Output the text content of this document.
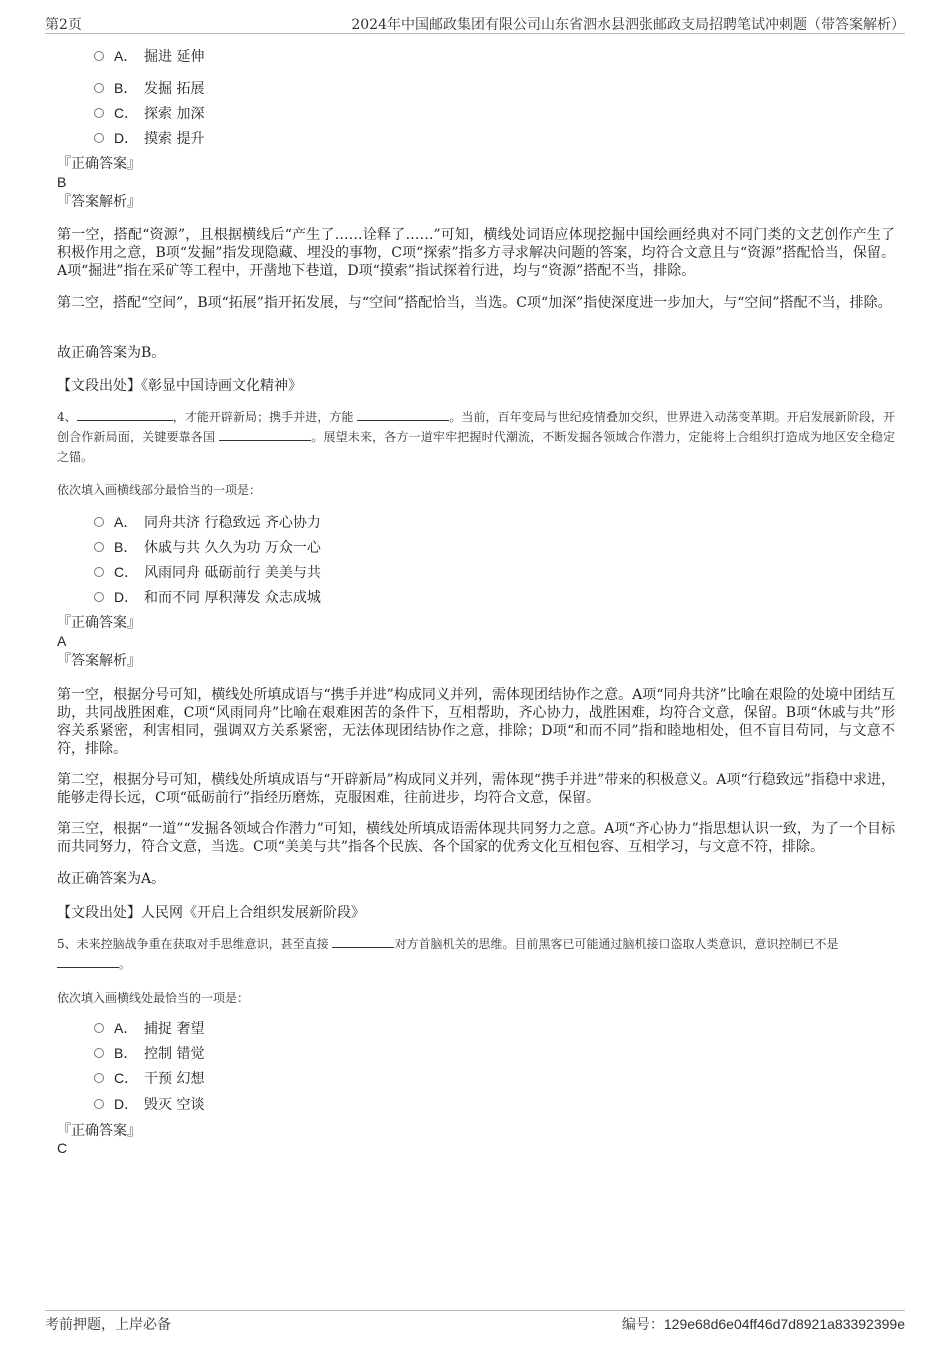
第2页	2024年中国邮政集团有限公司山东省泗水县泗张邮政支局招聘笔试冲刺题（带答案解析）
A． 掘进 延伸
B． 发掘 拓展
C． 探索 加深
D． 摸索 提升
『正确答案』
B
『答案解析』
第一空，搭配“资源”，且根据横线后“产生了……诠释了……”可知，横线处词语应体现挖掘中国绘画经典对不同门类的文艺创作产生了积极作用之意，B项“发掘”指发现隐藏、埋没的事物，C项“探索”指多方寻求解决问题的答案，均符合文意且与“资源”搭配恰当，保留。A项“掘进”指在采矿等工程中，开凿地下巷道，D项“摸索”指试探着行进，均与“资源”搭配不当，排除。
第二空，搭配“空间”，B项“拓展”指开拓发展，与“空间”搭配恰当，当选。C项“加深”指使深度进一步加大，与“空间”搭配不当，排除。
故正确答案为B。
【文段出处】《彰显中国诗画文化精神》
4、	，才能开辟新局；携手并进，方能	。当前，百年变局与世纪疫情叠加交织，世界进入动荡变革期。开启发展新阶段，开创合作新局面，关键要靠各国	。展望未来，各方一道牢牢把握时代潮流，不断发掘各领域合作潜力，定能将上合组织打造成为地区安全稳定之锚。
依次填入画横线部分最恰当的一项是：
A． 同舟共济 行稳致远 齐心协力
B． 休戚与共 久久为功 万众一心
C． 风雨同舟 砥砺前行 美美与共
D． 和而不同 厚积薄发 众志成城
『正确答案』
A
『答案解析』
第一空，根据分号可知，横线处所填成语与“携手并进”构成同义并列，需体现团结协作之意。A项“同舟共济”比喻在艰险的处境中团结互助，共同战胜困难，C项“风雨同舟”比喻在艰难困苦的条件下，互相帮助，齐心协力，战胜困难，均符合文意，保留。B项“休戚与共”形容关系紧密，利害相同，强调双方关系紧密，无法体现团结协作之意，排除；D项“和而不同”指和睦地相处，但不盲目苟同，与文意不符，排除。
第二空，根据分号可知，横线处所填成语与“开辟新局”构成同义并列，需体现“携手并进”带来的积极意义。A项“行稳致远”指稳中求进，能够走得长远，C项“砥砺前行”指经历磨炼，克服困难，往前进步，均符合文意，保留。
第三空，根据“一道”“发掘各领域合作潜力”可知，横线处所填成语需体现共同努力之意。A项“齐心协力”指思想认识一致，为了一个目标而共同努力，符合文意，当选。C项“美美与共”指各个民族、各个国家的优秀文化互相包容、互相学习，与文意不符，排除。
故正确答案为A。
【文段出处】人民网《开启上合组织发展新阶段》
5、未来控脑战争重在获取对手思维意识，甚至直接	对方首脑机关的思维。目前黑客已可能通过脑机接口盗取人类意识，意识控制已不是
。
依次填入画横线处最恰当的一项是：
A． 捕捉 奢望
B． 控制 错觉
C． 干预 幻想
D． 毁灭 空谈
『正确答案』
C
考前押题，上岸必备	编号：129e68d6e04ff46d7d8921a83392399e
